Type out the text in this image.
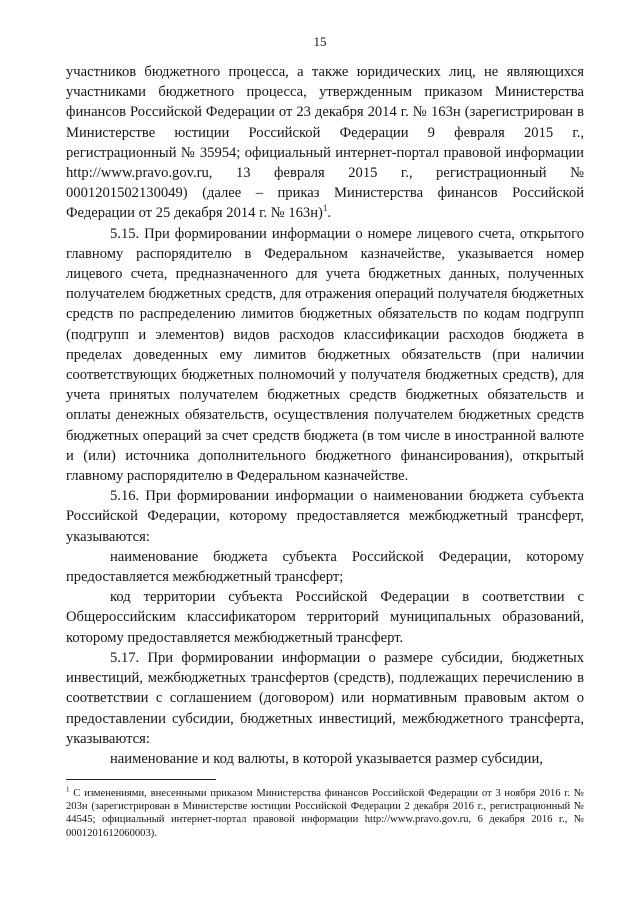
15

участников бюджетного процесса, а также юридических лиц, не являющихся участниками бюджетного процесса, утвержденным приказом Министерства финансов Российской Федерации от 23 декабря 2014 г. № 163н (зарегистрирован в Министерстве юстиции Российской Федерации 9 февраля 2015 г., регистрационный № 35954; официальный интернет-портал правовой информации http://www.pravo.gov.ru, 13 февраля 2015 г., регистрационный № 0001201502130049) (далее – приказ Министерства финансов Российской Федерации от 25 декабря 2014 г. № 163н)$^1$.

5.15. При формировании информации о номере лицевого счета, открытого главному распорядителю в Федеральном казначействе, указывается номер лицевого счета, предназначенного для учета бюджетных данных, полученных получателем бюджетных средств, для отражения операций получателя бюджетных средств по распределению лимитов бюджетных обязательств по кодам подгрупп (подгрупп и элементов) видов расходов классификации расходов бюджета в пределах доведенных ему лимитов бюджетных обязательств (при наличии соответствующих бюджетных полномочий у получателя бюджетных средств), для учета принятых получателем бюджетных средств бюджетных обязательств и оплаты денежных обязательств, осуществления получателем бюджетных средств бюджетных операций за счет средств бюджета (в том числе в иностранной валюте и (или) источника дополнительного бюджетного финансирования), открытый главному распорядителю в Федеральном казначействе.

5.16. При формировании информации о наименовании бюджета субъекта Российской Федерации, которому предоставляется межбюджетный трансферт, указываются:

наименование бюджета субъекта Российской Федерации, которому предоставляется межбюджетный трансферт;

код территории субъекта Российской Федерации в соответствии с Общероссийским классификатором территорий муниципальных образований, которому предоставляется межбюджетный трансферт.

5.17. При формировании информации о размере субсидии, бюджетных инвестиций, межбюджетных трансфертов (средств), подлежащих перечислению в соответствии с соглашением (договором) или нормативным правовым актом о предоставлении субсидии, бюджетных инвестиций, межбюджетного трансферта, указываются:

наименование и код валюты, в которой указывается размер субсидии,

$^1$ С изменениями, внесенными приказом Министерства финансов Российской Федерации от 3 ноября 2016 г. № 203н (зарегистрирован в Министерстве юстиции Российской Федерации 2 декабря 2016 г., регистрационный № 44545; официальный интернет-портал правовой информации http://www.pravo.gov.ru, 6 декабря 2016 г., № 0001201612060003).
